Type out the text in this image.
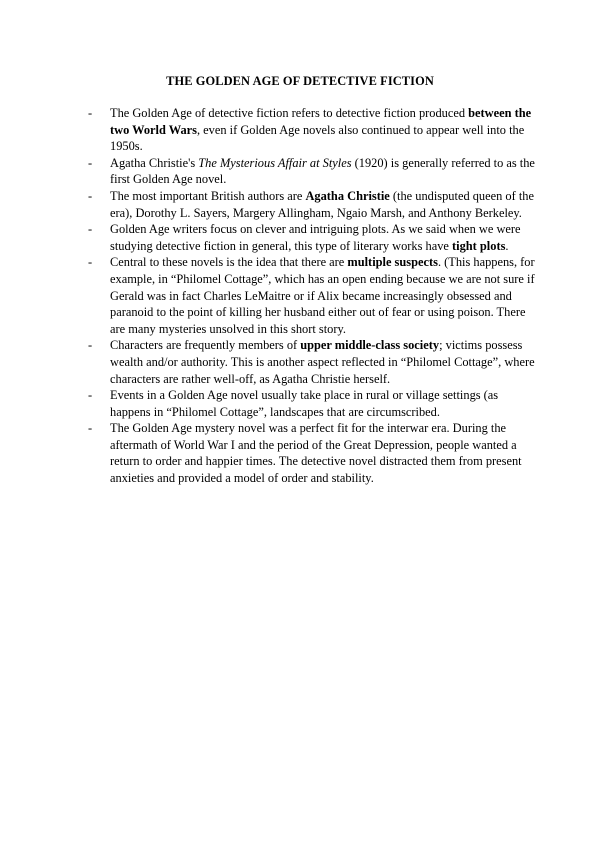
THE GOLDEN AGE OF DETECTIVE FICTION
- The Golden Age of detective fiction refers to detective fiction produced between the two World Wars, even if Golden Age novels also continued to appear well into the 1950s.
- Agatha Christie's The Mysterious Affair at Styles (1920) is generally referred to as the first Golden Age novel.
- The most important British authors are Agatha Christie (the undisputed queen of the era), Dorothy L. Sayers, Margery Allingham, Ngaio Marsh, and Anthony Berkeley.
- Golden Age writers focus on clever and intriguing plots. As we said when we were studying detective fiction in general, this type of literary works have tight plots.
- Central to these novels is the idea that there are multiple suspects. (This happens, for example, in “Philomel Cottage”, which has an open ending because we are not sure if Gerald was in fact Charles LeMaitre or if Alix became increasingly obsessed and paranoid to the point of killing her husband either out of fear or using poison. There are many mysteries unsolved in this short story.
- Characters are frequently members of upper middle-class society; victims possess wealth and/or authority. This is another aspect reflected in “Philomel Cottage”, where characters are rather well-off, as Agatha Christie herself.
- Events in a Golden Age novel usually take place in rural or village settings (as happens in “Philomel Cottage”, landscapes that are circumscribed.
- The Golden Age mystery novel was a perfect fit for the interwar era. During the aftermath of World War I and the period of the Great Depression, people wanted a return to order and happier times. The detective novel distracted them from present anxieties and provided a model of order and stability.
